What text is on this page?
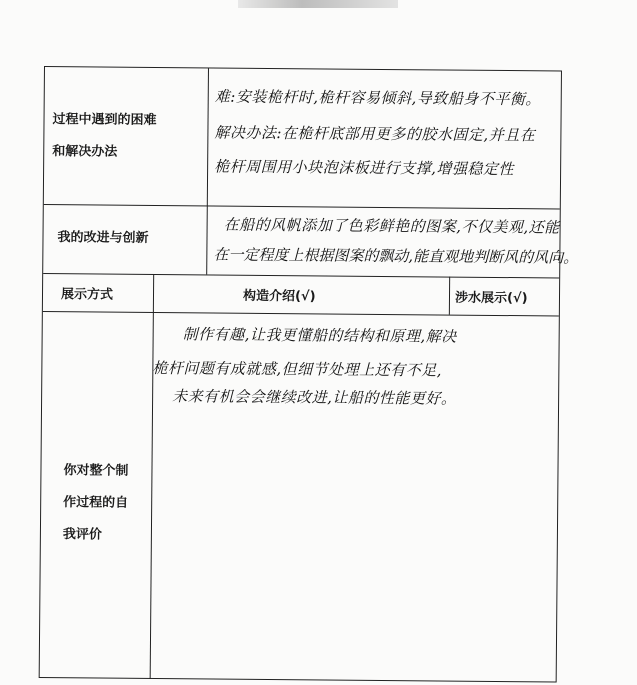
过程中遇到的困难
和解决办法
难:安装桅杆时,桅杆容易倾斜,导致船身不平衡。
解决办法:在桅杆底部用更多的胶水固定,并且在
桅杆周围用小块泡沫板进行支撑,增强稳定性
我的改进与创新
在船的风帆添加了色彩鲜艳的图案,不仅美观,还能
在一定程度上根据图案的飘动,能直观地判断风的风向。
展示方式	构造介绍(√)	涉水展示(√)
你对整个制
作过程的自
我评价
制作有趣,让我更懂船的结构和原理,解决
桅杆问题有成就感,但细节处理上还有不足,
未来有机会会继续改进,让船的性能更好。
